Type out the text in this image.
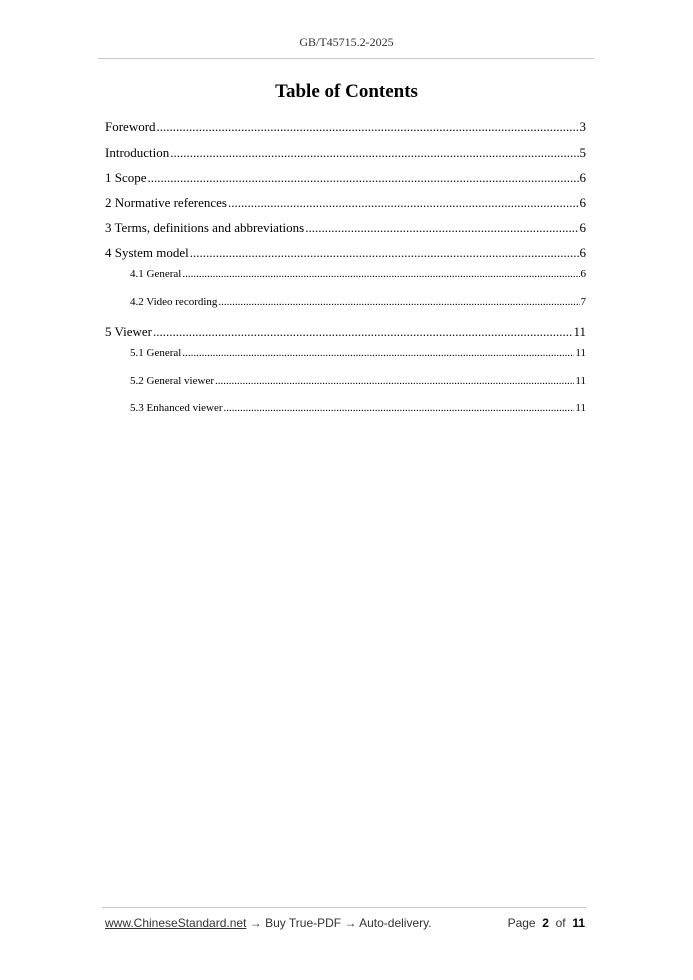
GB/T45715.2-2025
Table of Contents
Foreword .....	3
Introduction .....	5
1 Scope .....	6
2 Normative references .....	6
3 Terms, definitions and abbreviations .....	6
4 System model .....	6
4.1 General .....	6
4.2 Video recording .....	7
5 Viewer .....	11
5.1 General .....	11
5.2 General viewer .....	11
5.3 Enhanced viewer .....	11
www.ChineseStandard.net → Buy True-PDF → Auto-delivery.	Page 2 of 11
